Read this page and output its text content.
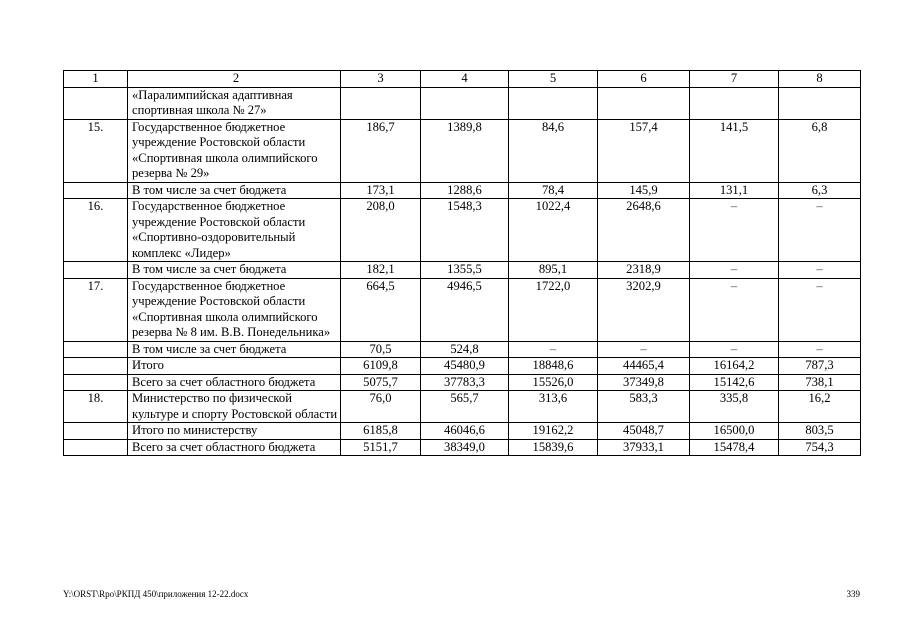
1	2	3	4	5	6	7	8
	«Паралимпийская адаптивная спортивная школа № 27»						
15.	Государственное бюджетное учреждение Ростовской области «Спортивная школа олимпийского резерва № 29»	186,7	1389,8	84,6	157,4	141,5	6,8
	В том числе за счет бюджета	173,1	1288,6	78,4	145,9	131,1	6,3
16.	Государственное бюджетное учреждение Ростовской области «Спортивно-оздоровительный комплекс «Лидер»	208,0	1548,3	1022,4	2648,6	–	–
	В том числе за счет бюджета	182,1	1355,5	895,1	2318,9	–	–
17.	Государственное бюджетное учреждение Ростовской области «Спортивная школа олимпийского резерва № 8 им. В.В. Понедельника»	664,5	4946,5	1722,0	3202,9	–	–
	В том числе за счет бюджета	70,5	524,8	–	–	–	–
	Итого	6109,8	45480,9	18848,6	44465,4	16164,2	787,3
	Всего за счет областного бюджета	5075,7	37783,3	15526,0	37349,8	15142,6	738,1
18.	Министерство по физической культуре и спорту Ростовской области	76,0	565,7	313,6	583,3	335,8	16,2
	Итого по министерству	6185,8	46046,6	19162,2	45048,7	16500,0	803,5
	Всего за счет областного бюджета	5151,7	38349,0	15839,6	37933,1	15478,4	754,3
Y:\ORST\Rpo\РКПД 450\приложения 12-22.docx	339
